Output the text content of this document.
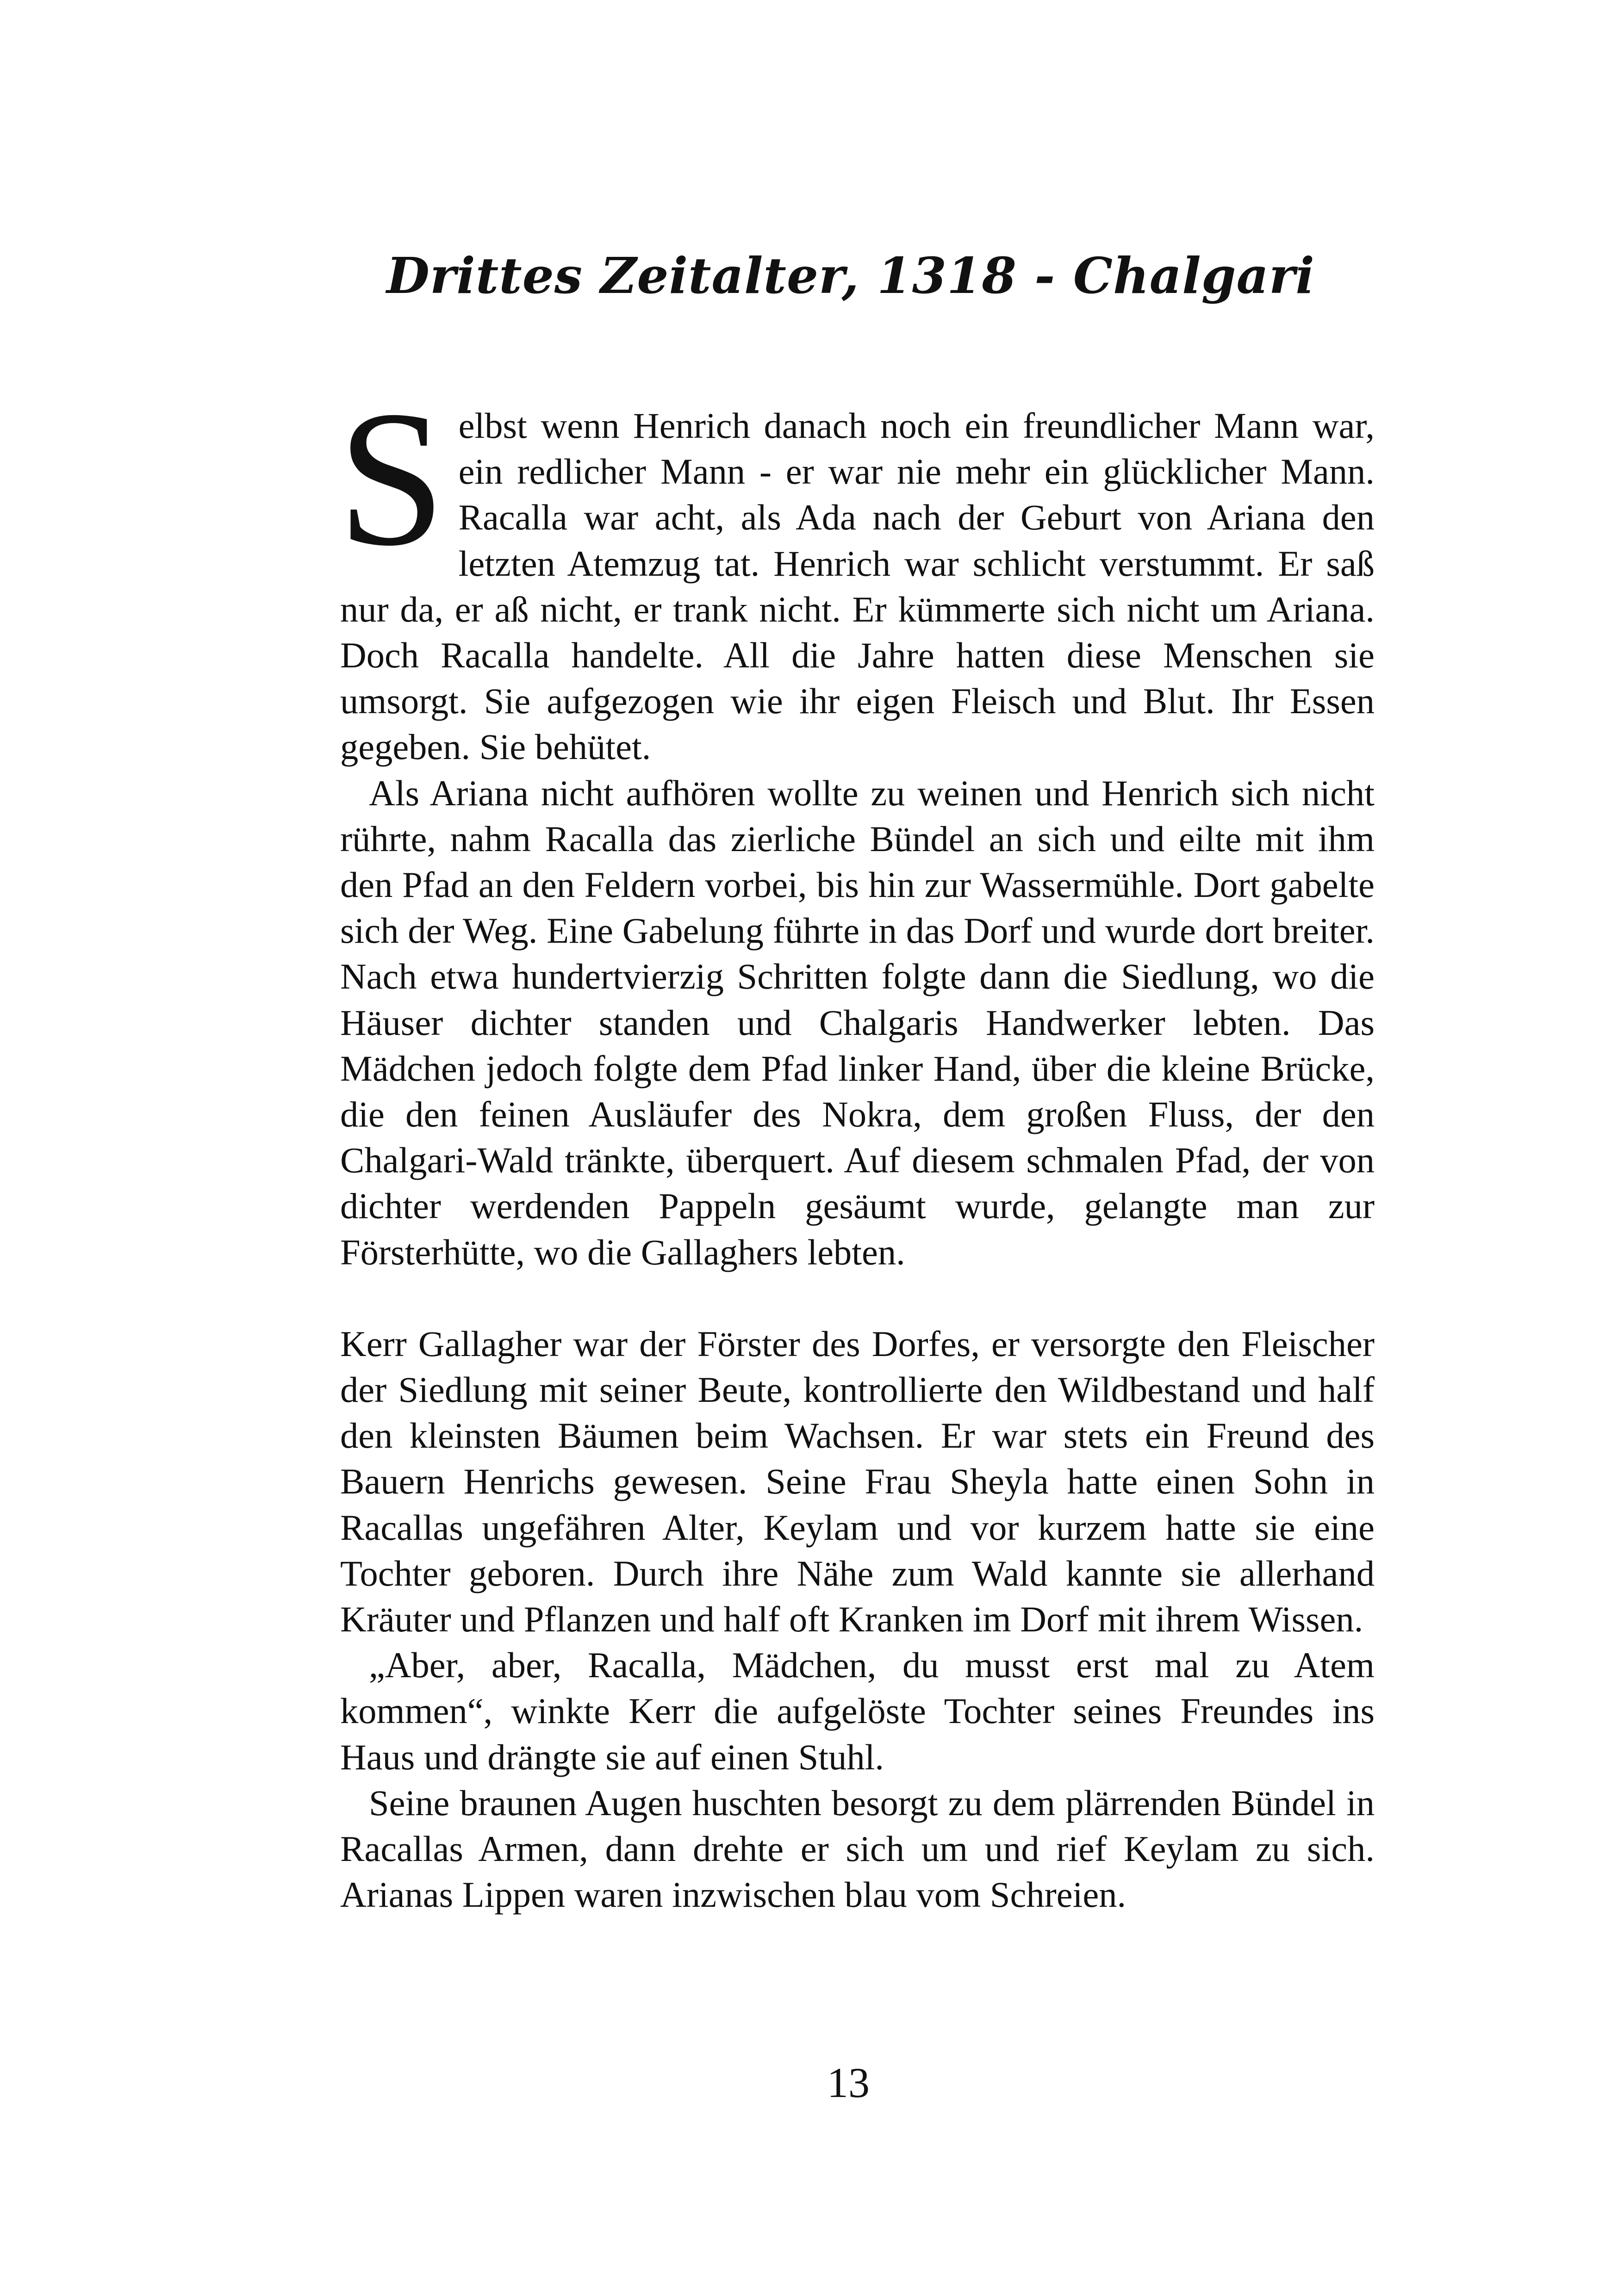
Drittes Zeitalter, 1318 - Chalgari

Selbst wenn Henrich danach noch ein freundlicher Mann war, ein redlicher Mann - er war nie mehr ein glücklicher Mann. Racalla war acht, als Ada nach der Geburt von Ariana den letzten Atemzug tat. Henrich war schlicht verstummt. Er saß nur da, er aß nicht, er trank nicht. Er kümmerte sich nicht um Ariana. Doch Racalla handelte. All die Jahre hatten diese Menschen sie umsorgt. Sie aufgezogen wie ihr eigen Fleisch und Blut. Ihr Essen gegeben. Sie behütet.

Als Ariana nicht aufhören wollte zu weinen und Henrich sich nicht rührte, nahm Racalla das zierliche Bündel an sich und eilte mit ihm den Pfad an den Feldern vorbei, bis hin zur Wassermühle. Dort gabelte sich der Weg. Eine Gabelung führte in das Dorf und wurde dort breiter. Nach etwa hundertvierzig Schritten folgte dann die Siedlung, wo die Häuser dichter standen und Chalgaris Handwerker lebten. Das Mädchen jedoch folgte dem Pfad linker Hand, über die kleine Brücke, die den feinen Ausläufer des Nokra, dem großen Fluss, der den Chalgari-Wald tränkte, überquert. Auf diesem schmalen Pfad, der von dichter werdenden Pappeln gesäumt wurde, gelangte man zur Försterhütte, wo die Gallaghers lebten.

Kerr Gallagher war der Förster des Dorfes, er versorgte den Fleischer der Siedlung mit seiner Beute, kontrollierte den Wildbestand und half den kleinsten Bäumen beim Wachsen. Er war stets ein Freund des Bauern Henrichs gewesen. Seine Frau Sheyla hatte einen Sohn in Racallas ungefähren Alter, Keylam und vor kurzem hatte sie eine Tochter geboren. Durch ihre Nähe zum Wald kannte sie allerhand Kräuter und Pflanzen und half oft Kranken im Dorf mit ihrem Wissen.

„Aber, aber, Racalla, Mädchen, du musst erst mal zu Atem kommen“, winkte Kerr die aufgelöste Tochter seines Freundes ins Haus und drängte sie auf einen Stuhl.

Seine braunen Augen huschten besorgt zu dem plärrenden Bündel in Racallas Armen, dann drehte er sich um und rief Keylam zu sich. Arianas Lippen waren inzwischen blau vom Schreien.

13
